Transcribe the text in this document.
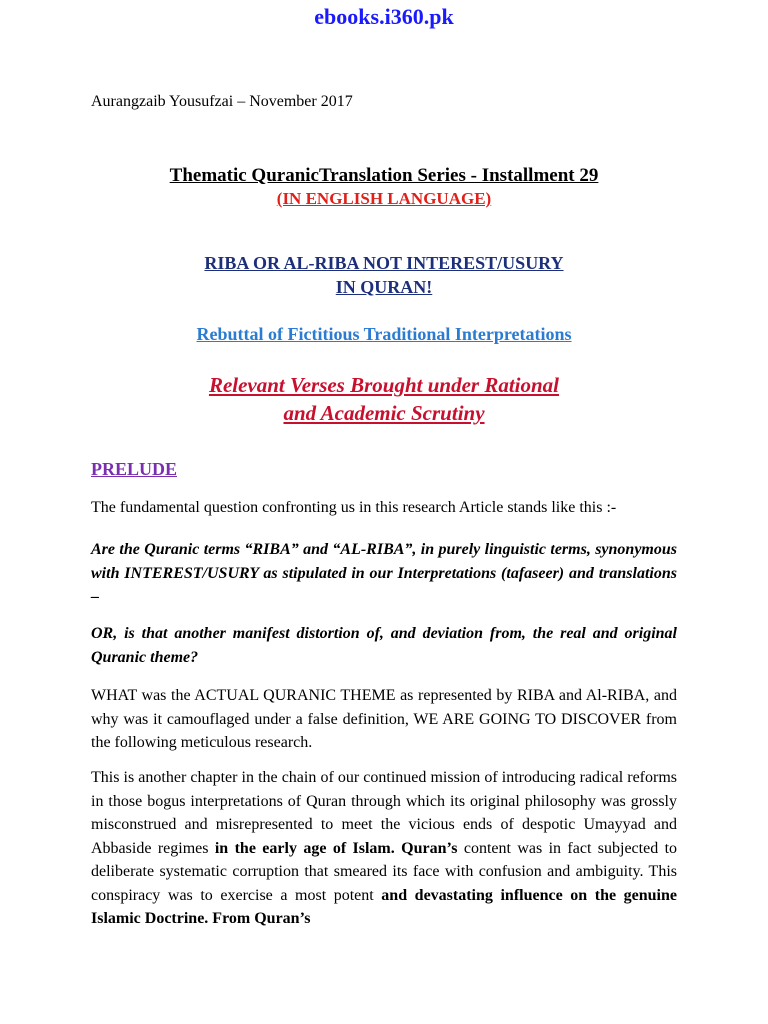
ebooks.i360.pk
Aurangzaib Yousufzai – November 2017
Thematic QuranicTranslation Series - Installment 29
(IN ENGLISH LANGUAGE)
RIBA OR AL-RIBA NOT INTEREST/USURY
IN QURAN!
Rebuttal of Fictitious Traditional Interpretations
Relevant Verses Brought under Rational
and Academic Scrutiny
PRELUDE
The fundamental question confronting us in this research Article stands like this :-
Are the Quranic terms “RIBA” and “AL-RIBA”, in purely linguistic terms, synonymous with INTEREST/USURY as stipulated in our Interpretations (tafaseer) and translations –
OR, is that another manifest distortion of, and deviation from, the real and original Quranic theme?
WHAT was the ACTUAL QURANIC THEME as represented by RIBA and Al-RIBA, and why was it camouflaged under a false definition, WE ARE GOING TO DISCOVER from the following meticulous research.
This is another chapter in the chain of our continued mission of introducing radical reforms in those bogus interpretations of Quran through which its original philosophy was grossly misconstrued and misrepresented to meet the vicious ends of despotic Umayyad and Abbaside regimes in the early age of Islam. Quran’s content was in fact subjected to deliberate systematic corruption that smeared its face with confusion and ambiguity. This conspiracy was to exercise a most potent and devastating influence on the genuine Islamic Doctrine. From Quran’s
